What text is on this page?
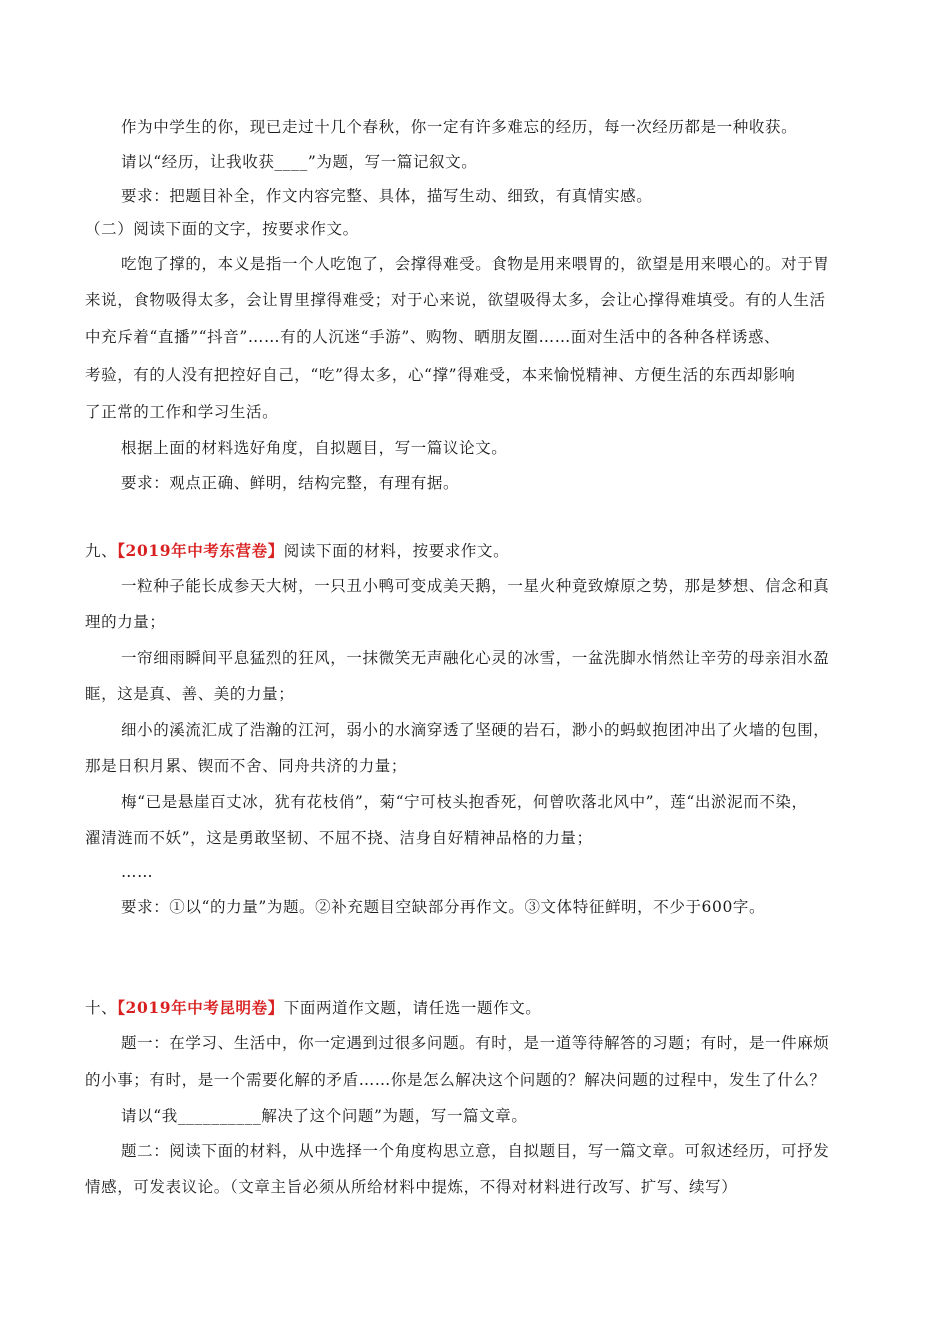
作为中学生的你，现已走过十几个春秋，你一定有许多难忘的经历，每一次经历都是一种收获。
请以“经历，让我收获____”为题，写一篇记叙文。
要求：把题目补全，作文内容完整、具体，描写生动、细致，有真情实感。
（二）阅读下面的文字，按要求作文。
吃饱了撑的，本义是指一个人吃饱了，会撑得难受。食物是用来喂胃的，欲望是用来喂心的。对于胃
来说，食物吸得太多，会让胃里撑得难受；对于心来说，欲望吸得太多，会让心撑得难填受。有的人生活
中充斥着“直播”“抖音”……有的人沉迷“手游”、购物、晒朋友圈……面对生活中的各种各样诱惑、
考验，有的人没有把控好自己，“吃”得太多，心“撑”得难受，本来愉悦精神、方便生活的东西却影响
了正常的工作和学习生活。
根据上面的材料选好角度，自拟题目，写一篇议论文。
要求：观点正确、鲜明，结构完整，有理有据。
九、【2019年中考东营卷】阅读下面的材料，按要求作文。
一粒种子能长成参天大树，一只丑小鸭可变成美天鹅，一星火种竟致燎原之势，那是梦想、信念和真
理的力量；
一帘细雨瞬间平息猛烈的狂风，一抹微笑无声融化心灵的冰雪，一盆洗脚水悄然让辛劳的母亲泪水盈
眶，这是真、善、美的力量；
细小的溪流汇成了浩瀚的江河，弱小的水滴穿透了坚硬的岩石，渺小的蚂蚁抱团冲出了火墙的包围，
那是日积月累、锲而不舍、同舟共济的力量；
梅“已是悬崖百丈冰，犹有花枝俏”，菊“宁可枝头抱香死，何曾吹落北风中”，莲“出淤泥而不染，
濯清涟而不妖”，这是勇敢坚韧、不屈不挠、洁身自好精神品格的力量；
……
要求：①以“的力量”为题。②补充题目空缺部分再作文。③文体特征鲜明，不少于600字。
十、【2019年中考昆明卷】下面两道作文题，请任选一题作文。
题一：在学习、生活中，你一定遇到过很多问题。有时，是一道等待解答的习题；有时，是一件麻烦
的小事；有时，是一个需要化解的矛盾……你是怎么解决这个问题的？解决问题的过程中，发生了什么？
请以“我__________解决了这个问题”为题，写一篇文章。
题二：阅读下面的材料，从中选择一个角度构思立意，自拟题目，写一篇文章。可叙述经历，可抒发
情感，可发表议论。（文章主旨必须从所给材料中提炼，不得对材料进行改写、扩写、续写）
